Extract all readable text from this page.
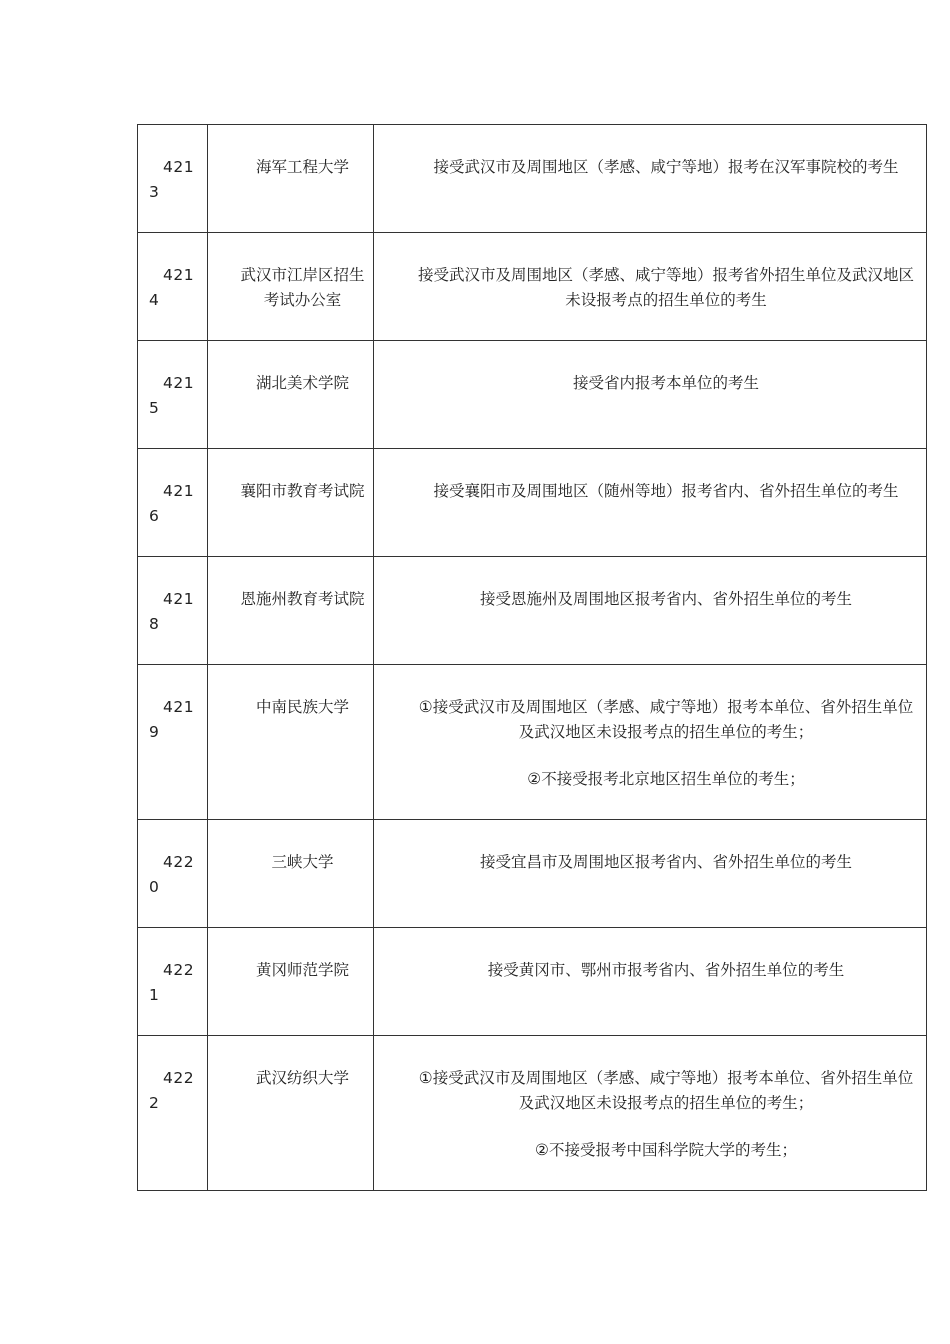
4213	海军工程大学	接受武汉市及周围地区（孝感、咸宁等地）报考在汉军事院校的考生

4214	武汉市江岸区招生考试办公室	接受武汉市及周围地区（孝感、咸宁等地）报考省外招生单位及武汉地区未设报考点的招生单位的考生

4215	湖北美术学院	接受省内报考本单位的考生

4216	襄阳市教育考试院	接受襄阳市及周围地区（随州等地）报考省内、省外招生单位的考生

4218	恩施州教育考试院	接受恩施州及周围地区报考省内、省外招生单位的考生

4219	中南民族大学	①接受武汉市及周围地区（孝感、咸宁等地）报考本单位、省外招生单位及武汉地区未设报考点的招生单位的考生；
②不接受报考北京地区招生单位的考生；

4220	三峡大学	接受宜昌市及周围地区报考省内、省外招生单位的考生

4221	黄冈师范学院	接受黄冈市、鄂州市报考省内、省外招生单位的考生

4222	武汉纺织大学	①接受武汉市及周围地区（孝感、咸宁等地）报考本单位、省外招生单位及武汉地区未设报考点的招生单位的考生；
②不接受报考中国科学院大学的考生；
